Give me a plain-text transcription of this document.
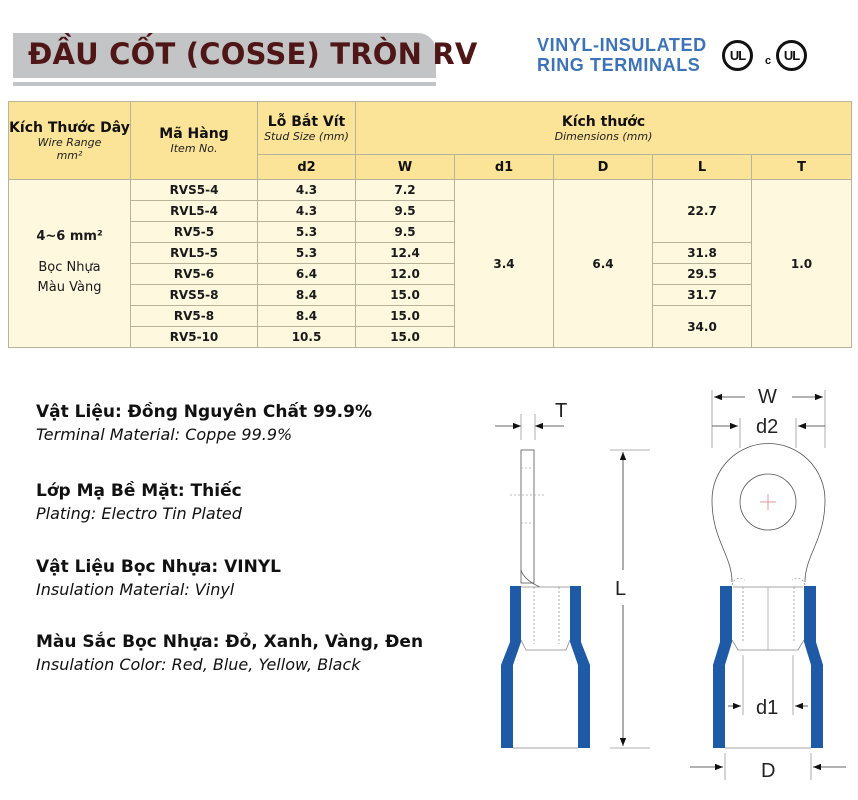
ĐẦU CỐT (COSSE) TRÒN RV	VINYL-INSULATED
RING TERMINALS	UL	c UL
Kích Thước Dây
Wire Range
mm²	Mã Hàng
Item No.	Lỗ Bắt Vít
Stud Size (mm)	Kích thước
Dimensions (mm)				

		d2	W	d1	D	L	T
4~6 mm²
Bọc Nhựa
Màu Vàng	RVS5-4	4.3	7.2	3.4	6.4	22.7	1.0
	RVL5-4	4.3	9.5				
	RV5-5	5.3	9.5				
	RVL5-5	5.3	12.4			31.8	
	RV5-6	6.4	12.0			29.5	
	RVS5-8	8.4	15.0			31.7	
	RV5-8	8.4	15.0			34.0	
	RV5-10	10.5	15.0				
Vật Liệu: Đồng Nguyên Chất 99.9%
Terminal Material: Coppe 99.9%
Lớp Mạ Bề Mặt: Thiếc
Plating: Electro Tin Plated
Vật Liệu Bọc Nhựa: VINYL
Insulation Material: Vinyl
Màu Sắc Bọc Nhựa: Đỏ, Xanh, Vàng, Đen
Insulation Color: Red, Blue, Yellow, Black
T
L
W
d2
d1
D
